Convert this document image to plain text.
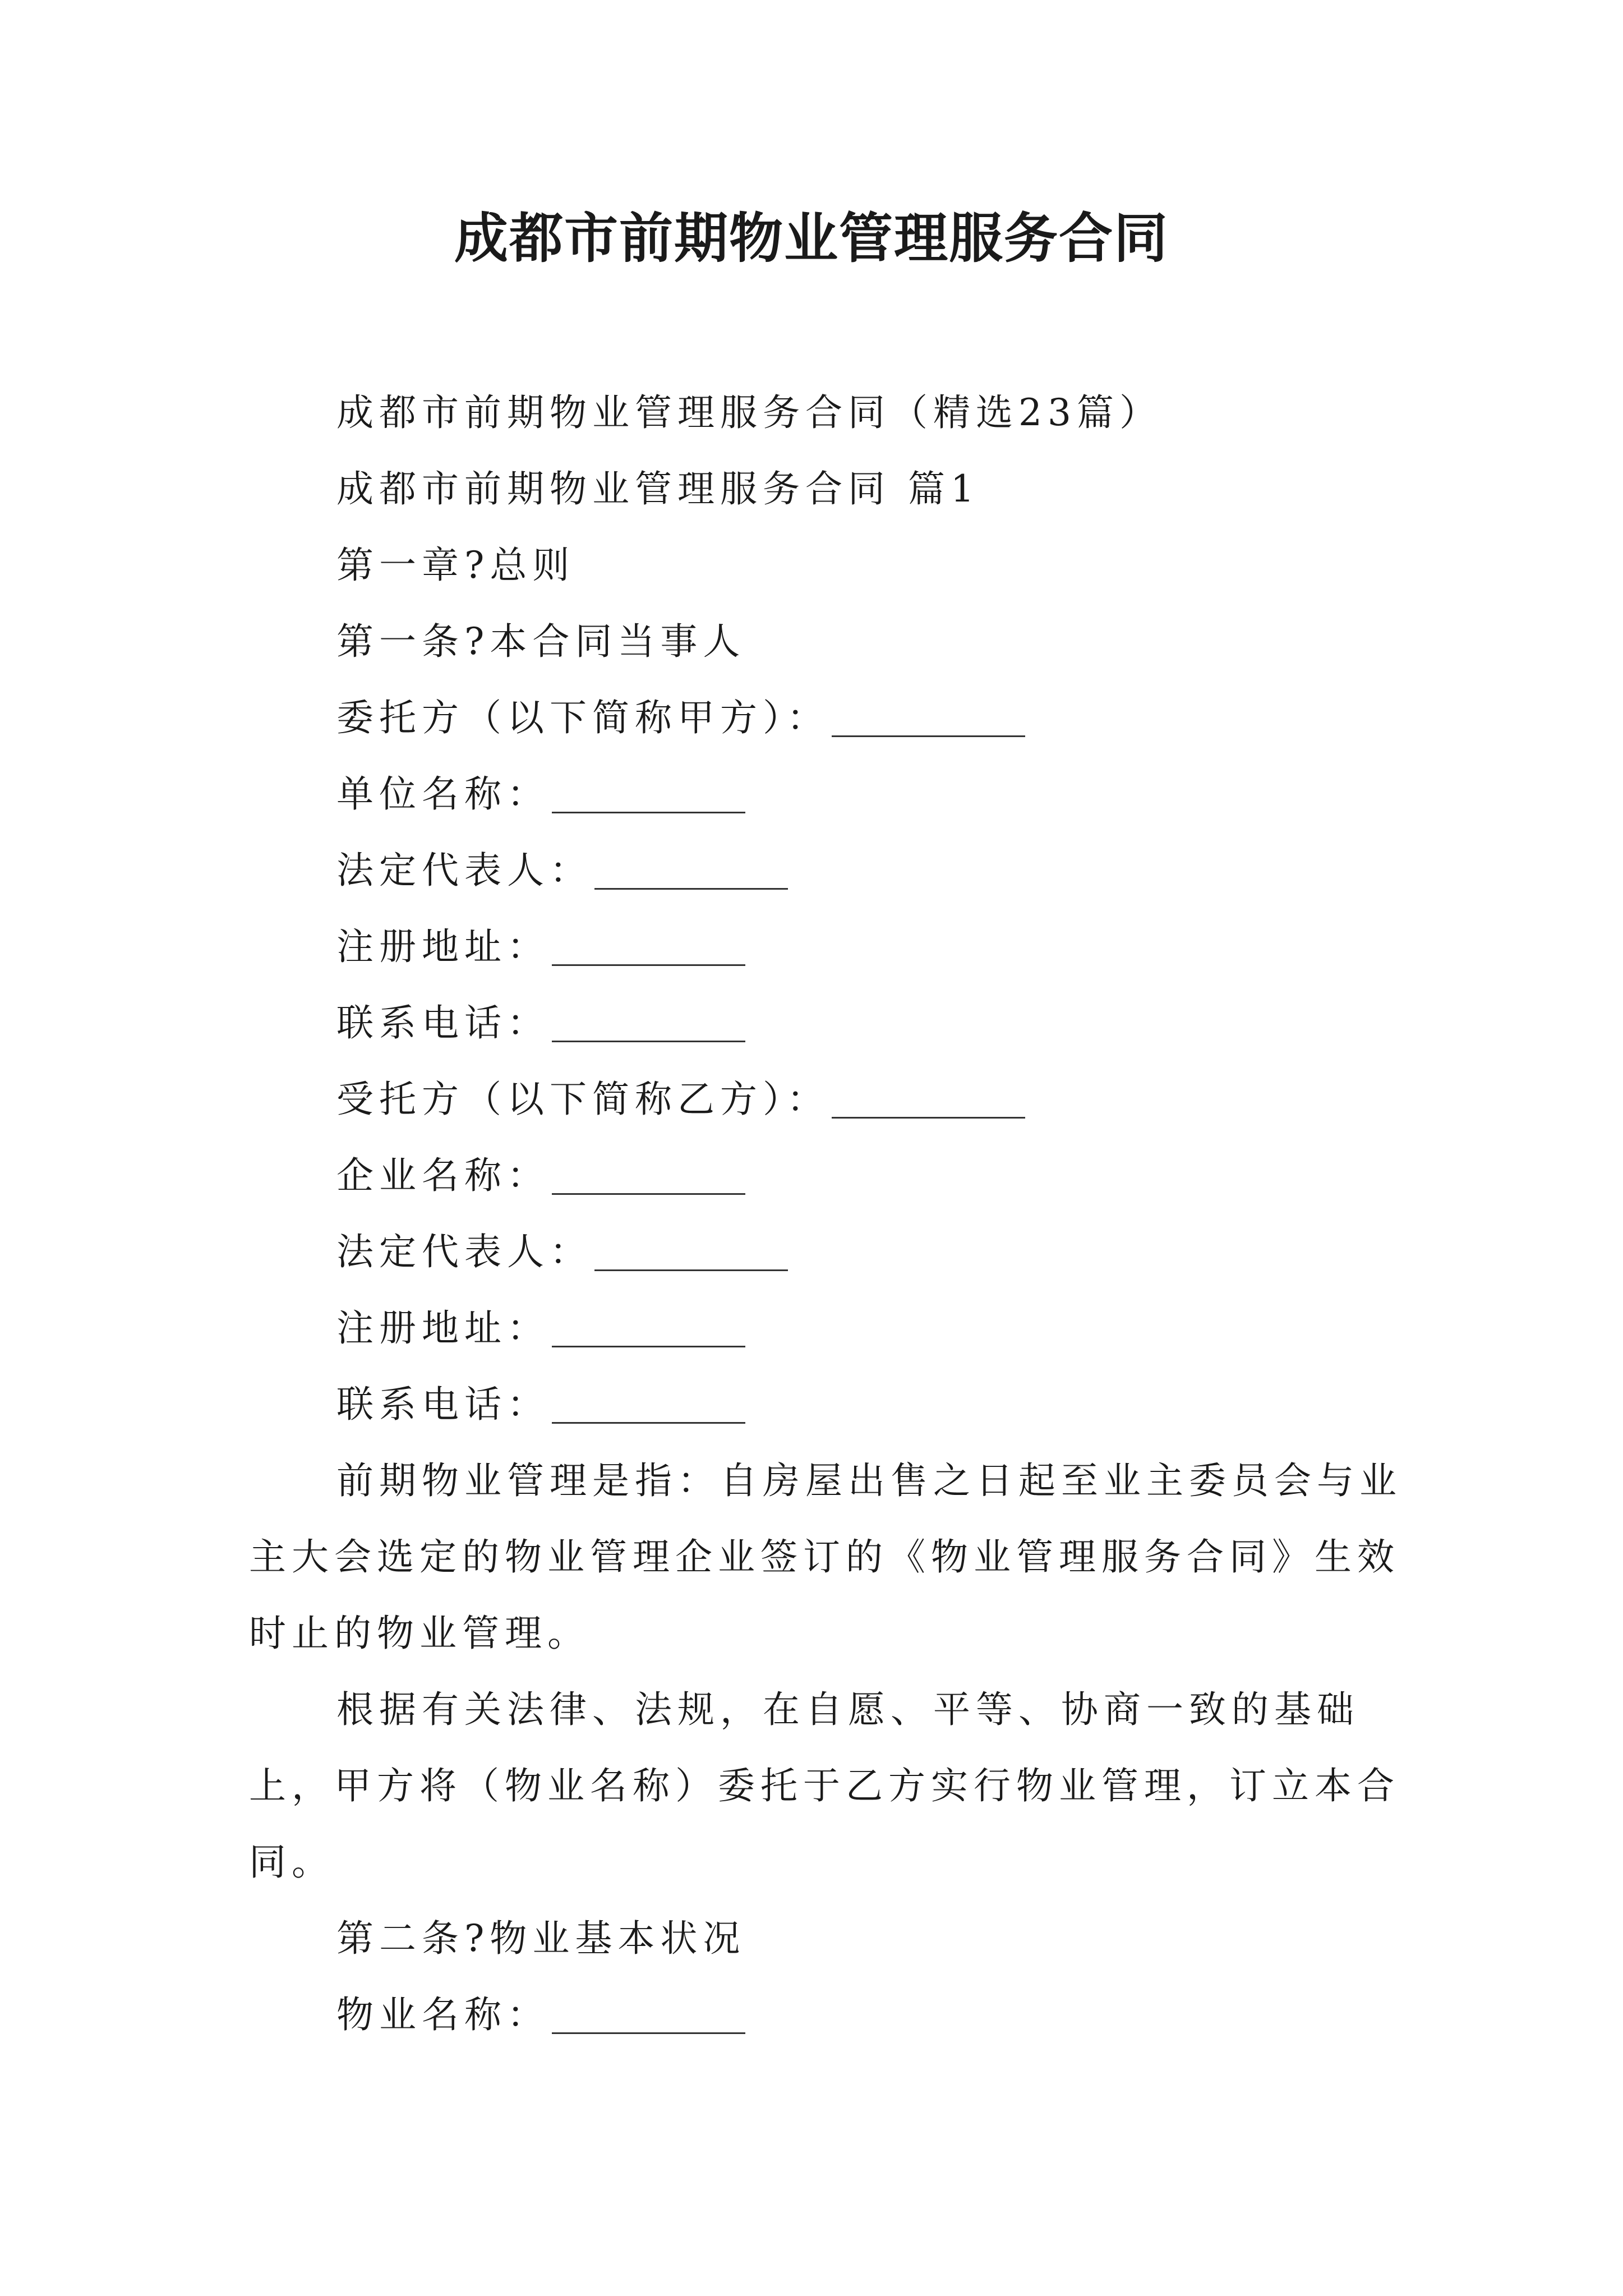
成都市前期物业管理服务合同
成都市前期物业管理服务合同（精选23篇）
成都市前期物业管理服务合同 篇1
第一章?总则
第一条?本合同当事人
委托方（以下简称甲方）：
单位名称：
法定代表人：
注册地址：
联系电话：
受托方（以下简称乙方）：
企业名称：
法定代表人：
注册地址：
联系电话：

前期物业管理是指：自房屋出售之日起至业主委员会与业主大会选定的物业管理企业签订的《物业管理服务合同》生效时止的物业管理。

根据有关法律、法规，在自愿、平等、协商一致的基础上，甲方将（物业名称）委托于乙方实行物业管理，订立本合同。

第二条?物业基本状况
物业名称：
